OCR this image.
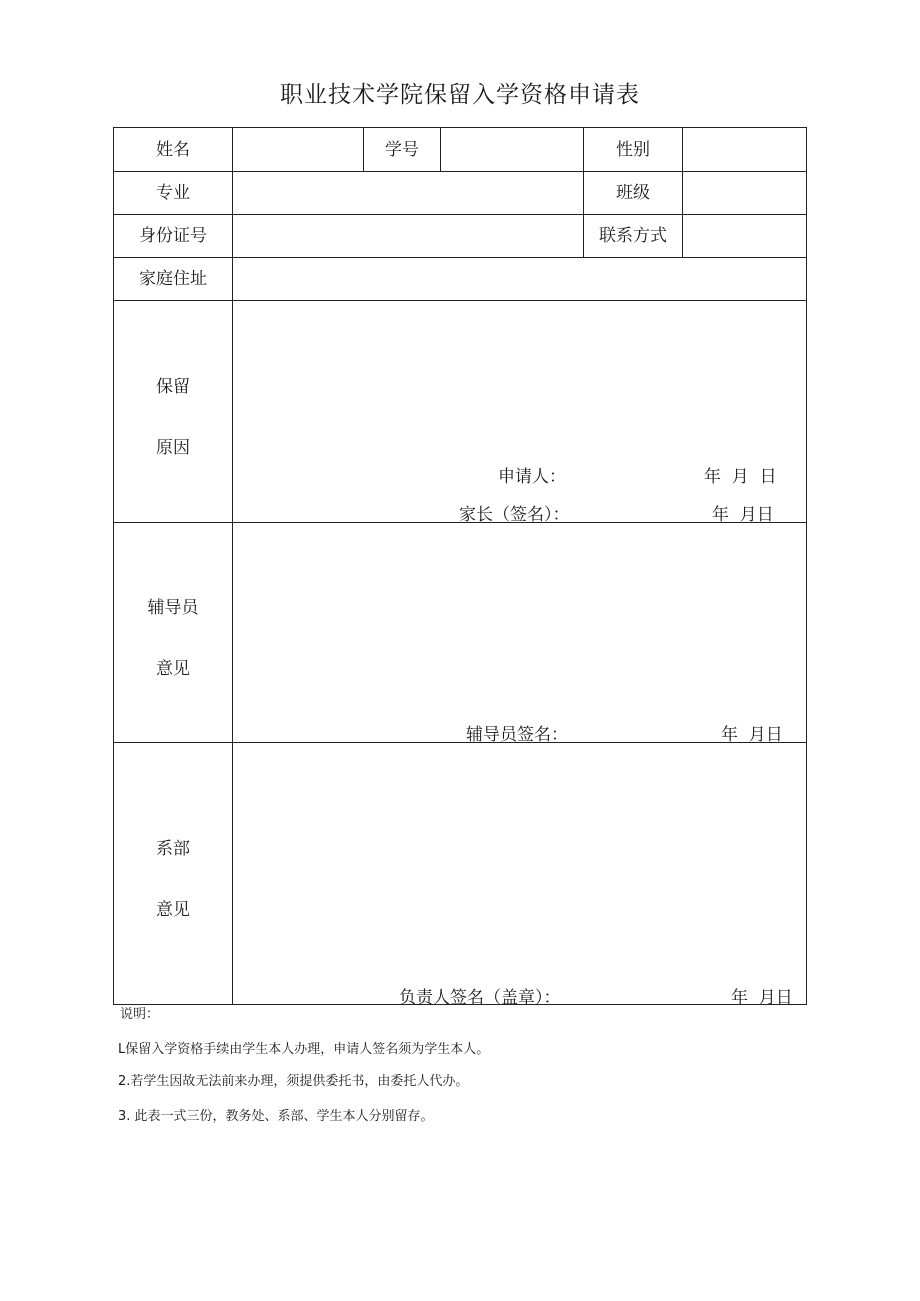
职业技术学院保留入学资格申请表
姓名	学号	性别
专业	班级
身份证号	联系方式
家庭住址
保留
原因
申请人：	年  月  日
家长（签名）：	年  月日
辅导员
意见
辅导员签名：	年  月日
系部
意见
负责人签名（盖章）：	年  月日
说明：
L保留入学资格手续由学生本人办理，申请人签名须为学生本人。
2.若学生因故无法前来办理，须提供委托书，由委托人代办。
3. 此表一式三份，教务处、系部、学生本人分别留存。
